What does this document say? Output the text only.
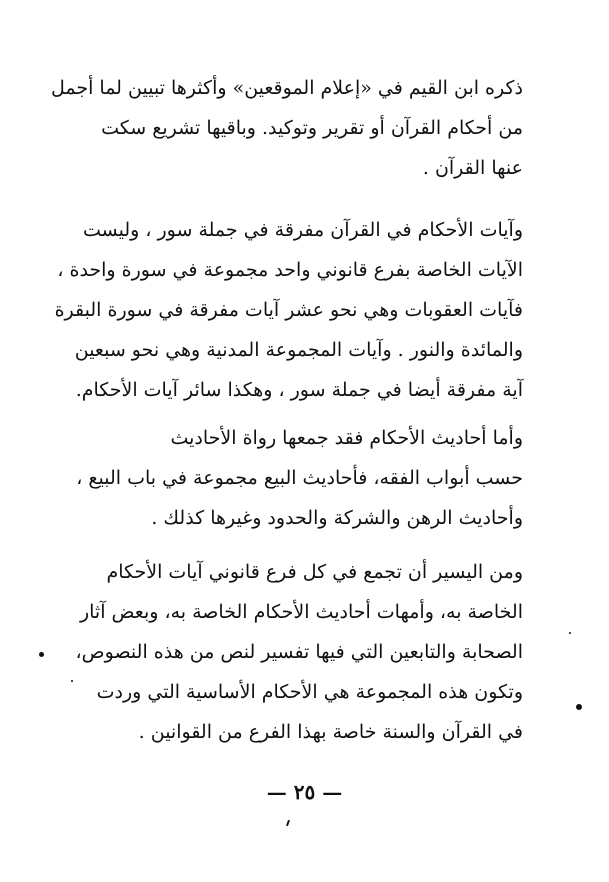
ذكره ابن القيم في «إعلام الموقعين» وأكثرها تبيين لما أجمل
من أحكام القرآن أو تقرير وتوكيد. وباقيها تشريع سكت
عنها القرآن .
وآيات الأحكام في القرآن مفرقة في جملة سور ، وليست
الآيات الخاصة بفرع قانوني واحد مجموعة في سورة واحدة ،
فآيات العقوبات وهي نحو عشر آيات مفرقة في سورة البقرة
والمائدة والنور . وآيات المجموعة المدنية وهي نحو سبعين
آية مفرقة أيضا في جملة سور ، وهكذا سائر آيات الأحكام.
وأما أحاديث الأحكام فقد جمعها رواة الأحاديث
حسب أبواب الفقه، فأحاديث البيع مجموعة في باب البيع ،
وأحاديث الرهن والشركة والحدود وغيرها كذلك .
ومن اليسير أن تجمع في كل فرع قانوني آيات الأحكام
الخاصة به، وأمهات أحاديث الأحكام الخاصة به، وبعض آثار
الصحابة والتابعين التي فيها تفسير لنص من هذه النصوص،
وتكون هذه المجموعة هي الأحكام الأساسية التي وردت
في القرآن والسنة خاصة بهذا الفرع من القوانين .
— ٢٥ —
